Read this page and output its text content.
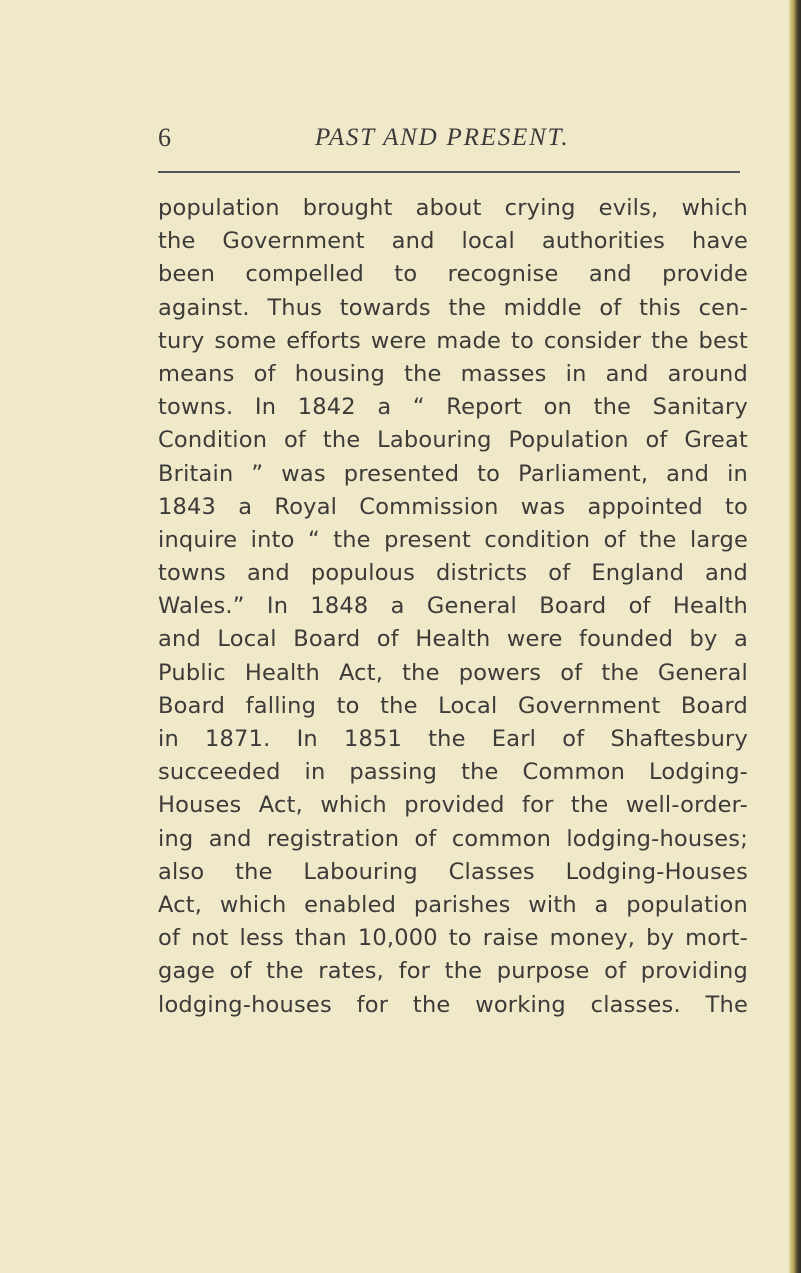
6	PAST AND PRESENT.
population brought about crying evils, which
the Government and local authorities have
been compelled to recognise and provide
against. Thus towards the middle of this cen-
tury some efforts were made to consider the best
means of housing the masses in and around
towns. In 1842 a “ Report on the Sanitary
Condition of the Labouring Population of Great
Britain ” was presented to Parliament, and in
1843 a Royal Commission was appointed to
inquire into “ the present condition of the large
towns and populous districts of England and
Wales.” In 1848 a General Board of Health
and Local Board of Health were founded by a
Public Health Act, the powers of the General
Board falling to the Local Government Board
in 1871. In 1851 the Earl of Shaftesbury
succeeded in passing the Common Lodging-
Houses Act, which provided for the well-order-
ing and registration of common lodging-houses;
also the Labouring Classes Lodging-Houses
Act, which enabled parishes with a population
of not less than 10,000 to raise money, by mort-
gage of the rates, for the purpose of providing
lodging-houses for the working classes. The
